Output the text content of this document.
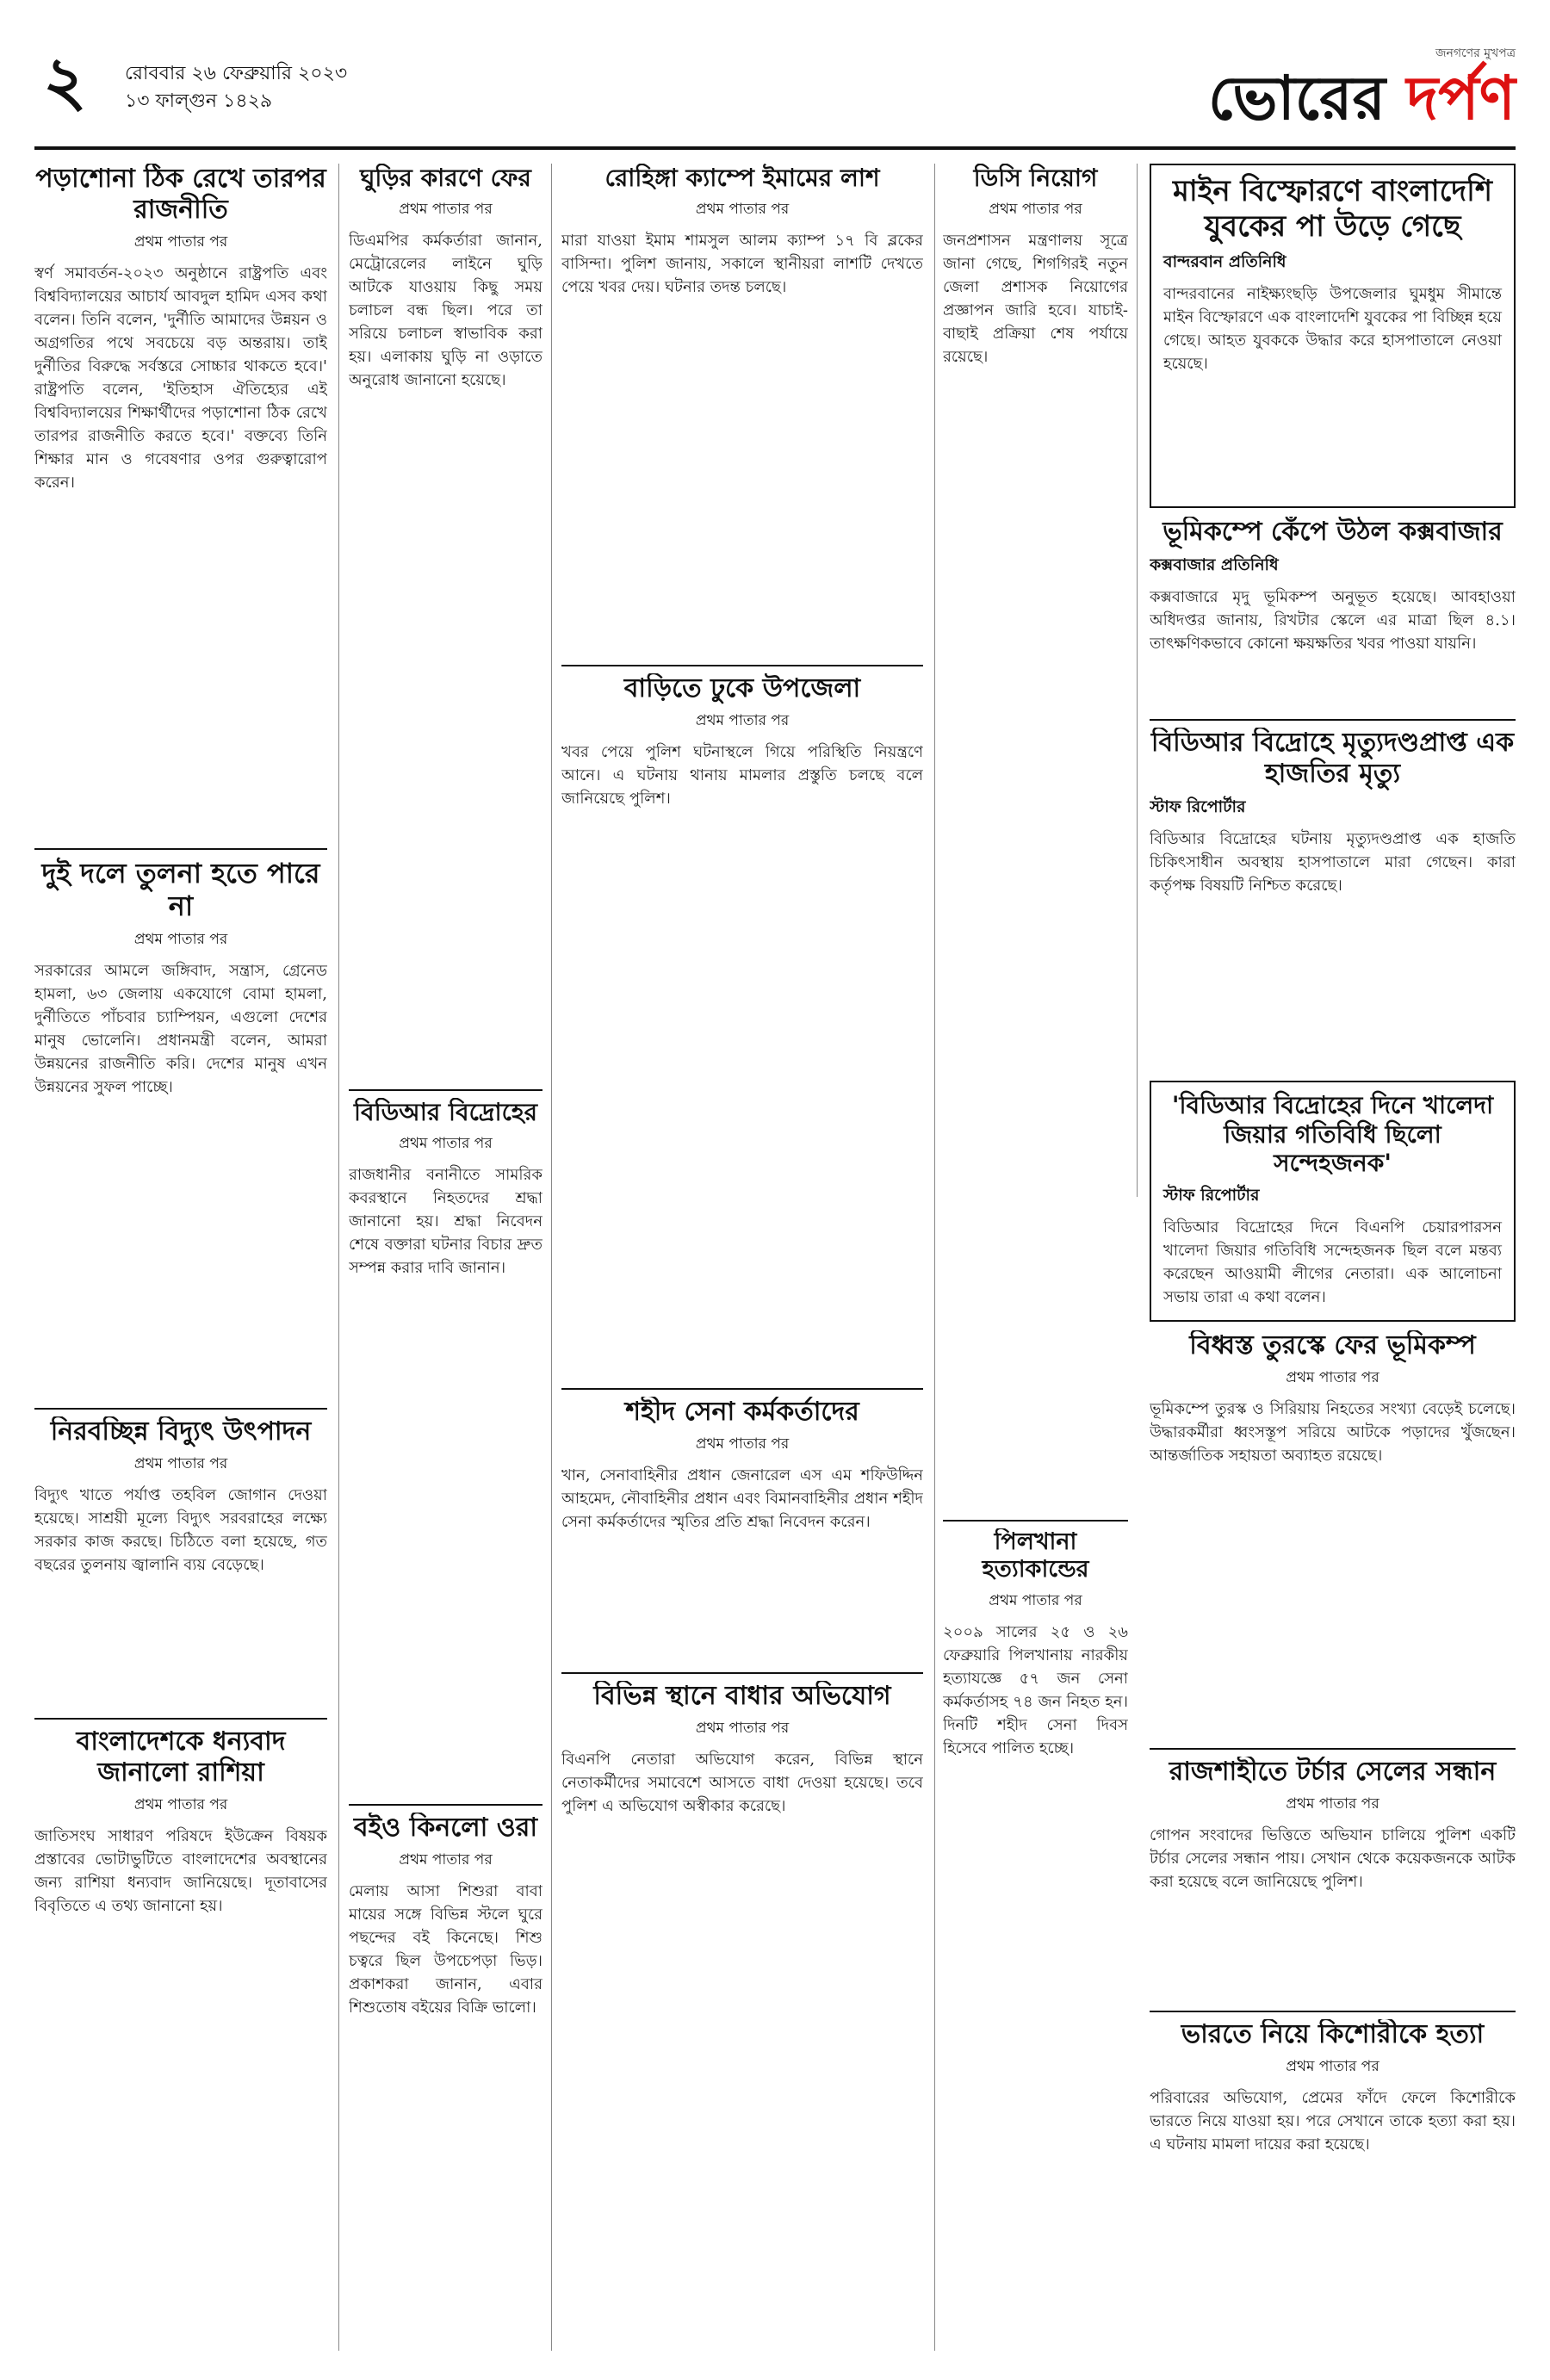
২ রোববার ২৬ ফেব্রুয়ারি ২০২৩
১৩ ফাল্গুন ১৪২৯
জনগণের মুখপত্র
ভোরের দর্পণ
পড়াশোনা ঠিক রেখে তারপর রাজনীতি
প্রথম পাতার পর
স্বর্ণ সমাবর্তন-২০২৩ অনুষ্ঠানে রাষ্ট্রপতি এবং বিশ্ববিদ্যালয়ের আচার্য আবদুল হামিদ এসব কথা বলেন। তিনি বলেন, 'দুর্নীতি আমাদের উন্নয়ন ও অগ্রগতির পথে সবচেয়ে বড় অন্তরায়। তাই দুর্নীতির বিরুদ্ধে সর্বস্তরে সোচ্চার থাকতে হবে।' রাষ্ট্রপতি বলেন, 'ইতিহাস ঐতিহ্যের এই বিশ্ববিদ্যালয়ের শিক্ষার্থীদের পড়াশোনা ঠিক রেখে তারপর রাজনীতি করতে হবে।' বক্তব্যে তিনি শিক্ষার মান ও গবেষণার ওপর গুরুত্বারোপ করেন।
দুই দলে তুলনা হতে পারে না
প্রথম পাতার পর
সরকারের আমলে জঙ্গিবাদ, সন্ত্রাস, গ্রেনেড হামলা, ৬৩ জেলায় একযোগে বোমা হামলা, দুর্নীতিতে পাঁচবার চ্যাম্পিয়ন, এগুলো দেশের মানুষ ভোলেনি। প্রধানমন্ত্রী বলেন, আমরা উন্নয়নের রাজনীতি করি। দেশের মানুষ এখন উন্নয়নের সুফল পাচ্ছে।
নিরবচ্ছিন্ন বিদ্যুৎ উৎপাদন
প্রথম পাতার পর
বিদ্যুৎ খাতে পর্যাপ্ত তহবিল জোগান দেওয়া হয়েছে। সাশ্রয়ী মূল্যে বিদ্যুৎ সরবরাহের লক্ষ্যে সরকার কাজ করছে। চিঠিতে বলা হয়েছে, গত বছরের তুলনায় জ্বালানি ব্যয় বেড়েছে।
বাংলাদেশকে ধন্যবাদ জানালো রাশিয়া
প্রথম পাতার পর
জাতিসংঘ সাধারণ পরিষদে ইউক্রেন বিষয়ক প্রস্তাবের ভোটাভুটিতে বাংলাদেশের অবস্থানের জন্য রাশিয়া ধন্যবাদ জানিয়েছে। দূতাবাসের বিবৃতিতে এ তথ্য জানানো হয়।
ঘুড়ির কারণে ফের
প্রথম পাতার পর
ডিএমপির কর্মকর্তারা জানান, মেট্রোরেলের লাইনে ঘুড়ি আটকে যাওয়ায় কিছু সময় চলাচল বন্ধ ছিল। পরে তা সরিয়ে চলাচল স্বাভাবিক করা হয়। এলাকায় ঘুড়ি না ওড়াতে অনুরোধ জানানো হয়েছে।
বিডিআর বিদ্রোহের
প্রথম পাতার পর
রাজধানীর বনানীতে সামরিক কবরস্থানে নিহতদের শ্রদ্ধা জানানো হয়। শ্রদ্ধা নিবেদন শেষে বক্তারা ঘটনার বিচার দ্রুত সম্পন্ন করার দাবি জানান।
বইও কিনলো ওরা
প্রথম পাতার পর
মেলায় আসা শিশুরা বাবা মায়ের সঙ্গে বিভিন্ন স্টলে ঘুরে পছন্দের বই কিনেছে। শিশু চত্বরে ছিল উপচেপড়া ভিড়। প্রকাশকরা জানান, এবার শিশুতোষ বইয়ের বিক্রি ভালো।
রোহিঙ্গা ক্যাম্পে ইমামের লাশ
প্রথম পাতার পর
মারা যাওয়া ইমাম শামসুল আলম ক্যাম্প ১৭ বি ব্লকের বাসিন্দা। পুলিশ জানায়, সকালে স্থানীয়রা লাশটি দেখতে পেয়ে খবর দেয়। ঘটনার তদন্ত চলছে।
বাড়িতে ঢুকে উপজেলা
প্রথম পাতার পর
খবর পেয়ে পুলিশ ঘটনাস্থলে গিয়ে পরিস্থিতি নিয়ন্ত্রণে আনে। এ ঘটনায় থানায় মামলার প্রস্তুতি চলছে বলে জানিয়েছে পুলিশ।
শহীদ সেনা কর্মকর্তাদের
প্রথম পাতার পর
খান, সেনাবাহিনীর প্রধান জেনারেল এস এম শফিউদ্দিন আহমেদ, নৌবাহিনীর প্রধান এবং বিমানবাহিনীর প্রধান শহীদ সেনা কর্মকর্তাদের স্মৃতির প্রতি শ্রদ্ধা নিবেদন করেন।
বিভিন্ন স্থানে বাধার অভিযোগ
প্রথম পাতার পর
বিএনপি নেতারা অভিযোগ করেন, বিভিন্ন স্থানে নেতাকর্মীদের সমাবেশে আসতে বাধা দেওয়া হয়েছে। তবে পুলিশ এ অভিযোগ অস্বীকার করেছে।
ডিসি নিয়োগ
প্রথম পাতার পর
জনপ্রশাসন মন্ত্রণালয় সূত্রে জানা গেছে, শিগগিরই নতুন জেলা প্রশাসক নিয়োগের প্রজ্ঞাপন জারি হবে। যাচাই-বাছাই প্রক্রিয়া শেষ পর্যায়ে রয়েছে।
পিলখানা হত্যাকান্ডের
প্রথম পাতার পর
২০০৯ সালের ২৫ ও ২৬ ফেব্রুয়ারি পিলখানায় নারকীয় হত্যাযজ্ঞে ৫৭ জন সেনা কর্মকর্তাসহ ৭৪ জন নিহত হন। দিনটি শহীদ সেনা দিবস হিসেবে পালিত হচ্ছে।
মাইন বিস্ফোরণে বাংলাদেশি যুবকের পা উড়ে গেছে
বান্দরবান প্রতিনিধি
বান্দরবানের নাইক্ষ্যংছড়ি উপজেলার ঘুমধুম সীমান্তে মাইন বিস্ফোরণে এক বাংলাদেশি যুবকের পা বিচ্ছিন্ন হয়ে গেছে। আহত যুবককে উদ্ধার করে হাসপাতালে নেওয়া হয়েছে।
ভূমিকম্পে কেঁপে উঠল কক্সবাজার
কক্সবাজার প্রতিনিধি
কক্সবাজারে মৃদু ভূমিকম্প অনুভূত হয়েছে। আবহাওয়া অধিদপ্তর জানায়, রিখটার স্কেলে এর মাত্রা ছিল ৪.১। তাৎক্ষণিকভাবে কোনো ক্ষয়ক্ষতির খবর পাওয়া যায়নি।
বিডিআর বিদ্রোহে মৃত্যুদণ্ডপ্রাপ্ত এক হাজতির মৃত্যু
স্টাফ রিপোর্টার
বিডিআর বিদ্রোহের ঘটনায় মৃত্যুদণ্ডপ্রাপ্ত এক হাজতি চিকিৎসাধীন অবস্থায় হাসপাতালে মারা গেছেন। কারা কর্তৃপক্ষ বিষয়টি নিশ্চিত করেছে।
'বিডিআর বিদ্রোহের দিনে খালেদা জিয়ার গতিবিধি ছিলো সন্দেহজনক'
স্টাফ রিপোর্টার
বিডিআর বিদ্রোহের দিনে বিএনপি চেয়ারপারসন খালেদা জিয়ার গতিবিধি সন্দেহজনক ছিল বলে মন্তব্য করেছেন আওয়ামী লীগের নেতারা। এক আলোচনা সভায় তারা এ কথা বলেন।
বিধ্বস্ত তুরস্কে ফের ভূমিকম্প
প্রথম পাতার পর
ভূমিকম্পে তুরস্ক ও সিরিয়ায় নিহতের সংখ্যা বেড়েই চলেছে। উদ্ধারকর্মীরা ধ্বংসস্তূপ সরিয়ে আটকে পড়াদের খুঁজছেন। আন্তর্জাতিক সহায়তা অব্যাহত রয়েছে।
রাজশাহীতে টর্চার সেলের সন্ধান
প্রথম পাতার পর
গোপন সংবাদের ভিত্তিতে অভিযান চালিয়ে পুলিশ একটি টর্চার সেলের সন্ধান পায়। সেখান থেকে কয়েকজনকে আটক করা হয়েছে বলে জানিয়েছে পুলিশ।
ভারতে নিয়ে কিশোরীকে হত্যা
প্রথম পাতার পর
পরিবারের অভিযোগ, প্রেমের ফাঁদে ফেলে কিশোরীকে ভারতে নিয়ে যাওয়া হয়। পরে সেখানে তাকে হত্যা করা হয়। এ ঘটনায় মামলা দায়ের করা হয়েছে।
